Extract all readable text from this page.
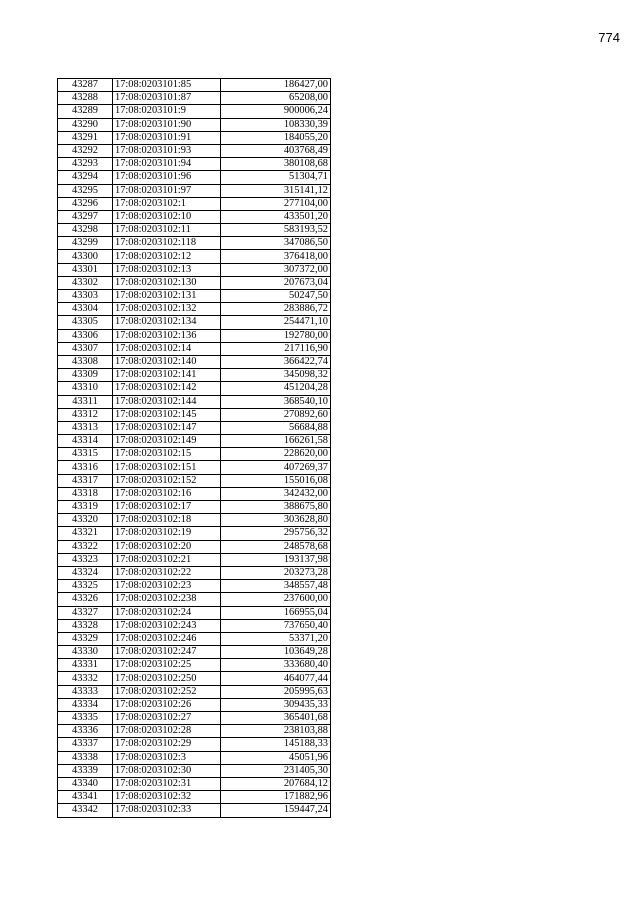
774
43287	17:08:0203101:85	186427,00
43288	17:08:0203101:87	65208,00
43289	17:08:0203101:9	900006,24
43290	17:08:0203101:90	108330,39
43291	17:08:0203101:91	184055,20
43292	17:08:0203101:93	403768,49
43293	17:08:0203101:94	380108,68
43294	17:08:0203101:96	51304,71
43295	17:08:0203101:97	315141,12
43296	17:08:0203102:1	277104,00
43297	17:08:0203102:10	433501,20
43298	17:08:0203102:11	583193,52
43299	17:08:0203102:118	347086,50
43300	17:08:0203102:12	376418,00
43301	17:08:0203102:13	307372,00
43302	17:08:0203102:130	207673,04
43303	17:08:0203102:131	50247,50
43304	17:08:0203102:132	283886,72
43305	17:08:0203102:134	254471,10
43306	17:08:0203102:136	192780,00
43307	17:08:0203102:14	217116,90
43308	17:08:0203102:140	366422,74
43309	17:08:0203102:141	345098,32
43310	17:08:0203102:142	451204,28
43311	17:08:0203102:144	368540,10
43312	17:08:0203102:145	270892,60
43313	17:08:0203102:147	56684,88
43314	17:08:0203102:149	166261,58
43315	17:08:0203102:15	228620,00
43316	17:08:0203102:151	407269,37
43317	17:08:0203102:152	155016,08
43318	17:08:0203102:16	342432,00
43319	17:08:0203102:17	388675,80
43320	17:08:0203102:18	303628,80
43321	17:08:0203102:19	295756,32
43322	17:08:0203102:20	248578,68
43323	17:08:0203102:21	193137,98
43324	17:08:0203102:22	203273,28
43325	17:08:0203102:23	348557,48
43326	17:08:0203102:238	237600,00
43327	17:08:0203102:24	166955,04
43328	17:08:0203102:243	737650,40
43329	17:08:0203102:246	53371,20
43330	17:08:0203102:247	103649,28
43331	17:08:0203102:25	333680,40
43332	17:08:0203102:250	464077,44
43333	17:08:0203102:252	205995,63
43334	17:08:0203102:26	309435,33
43335	17:08:0203102:27	365401,68
43336	17:08:0203102:28	238103,88
43337	17:08:0203102:29	145188,33
43338	17:08:0203102:3	45051,96
43339	17:08:0203102:30	231405,30
43340	17:08:0203102:31	207684,12
43341	17:08:0203102:32	171882,96
43342	17:08:0203102:33	159447,24
